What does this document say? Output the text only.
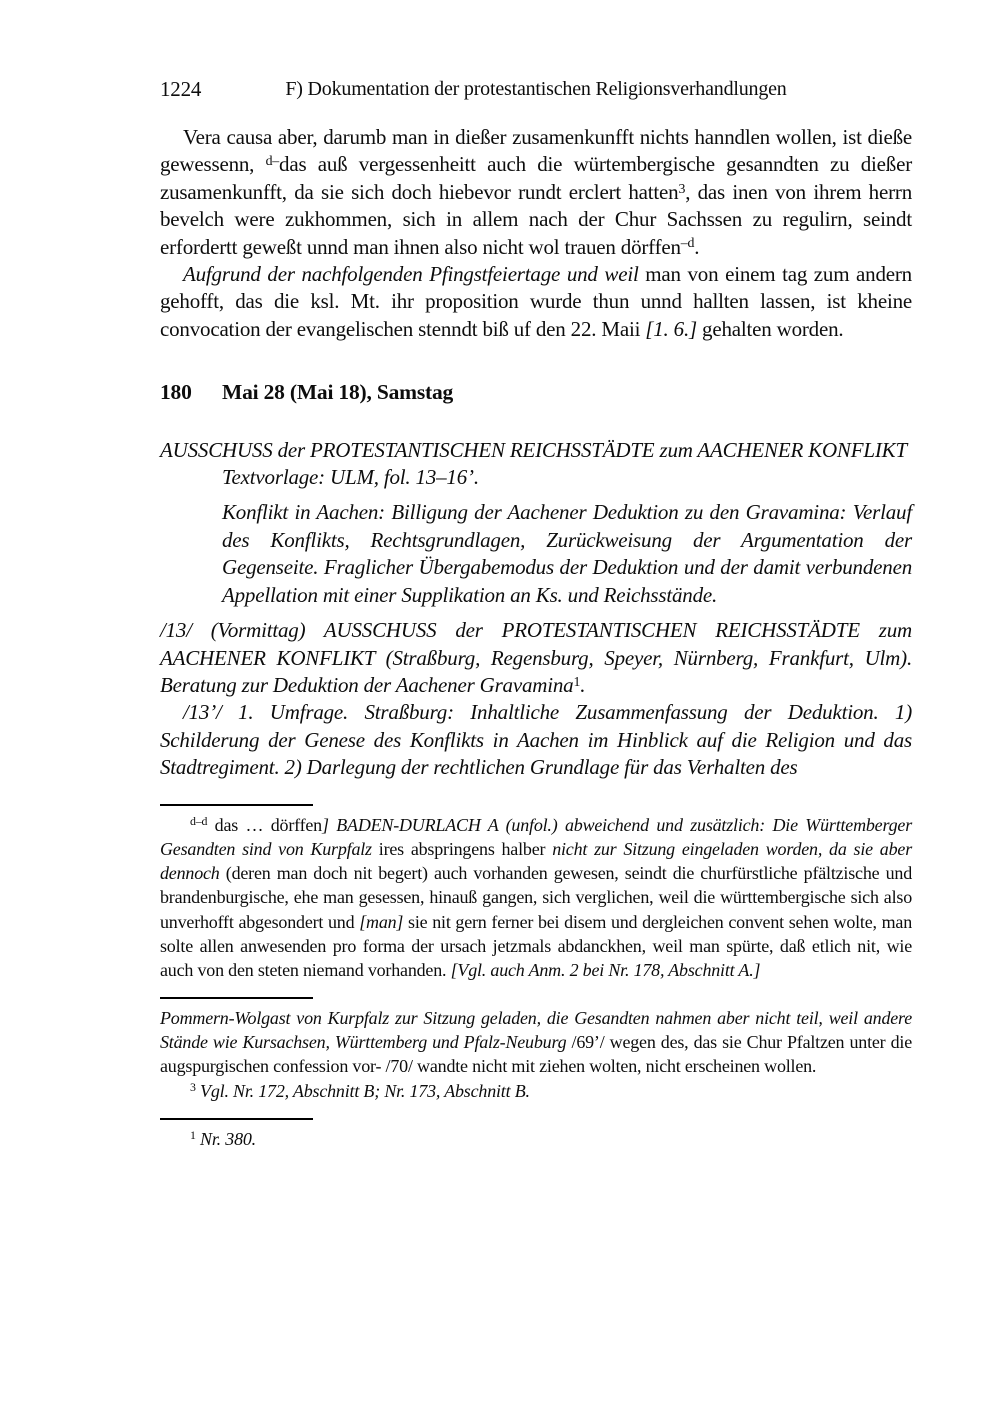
1224	F) Dokumentation der protestantischen Religionsverhandlungen

Vera causa aber, darumb man in dießer zusamenkunfft nichts hanndlen wollen, ist dieße gewessenn, $^{d-}$das auß vergessenheitt auch die würtembergische gesanndten zu dießer zusamenkunfft, da sie sich doch hiebevor rundt erclert hatten$^3$, das inen von ihrem herrn bevelch were zukhommen, sich in allem nach der Chur Sachssen zu regulirn, seindt erfordertt geweßt unnd man ihnen also nicht wol trauen dörffen$^{-d}$.

Aufgrund der nachfolgenden Pfingstfeiertage und weil man von einem tag zum andern gehofft, das die ksl. Mt. ihr proposition wurde thun unnd hallten lassen, ist kheine convocation der evangelischen stenndt biß uf den 22. Maii [1. 6.] gehalten worden.

180 Mai 28 (Mai 18), Samstag

AUSSCHUSS der PROTESTANTISCHEN REICHSSTÄDTE zum AACHENER KONFLIKT

Textvorlage: ULM, fol. 13–16’.

Konflikt in Aachen: Billigung der Aachener Deduktion zu den Gravamina: Verlauf des Konflikts, Rechtsgrundlagen, Zurückweisung der Argumentation der Gegenseite. Fraglicher Übergabemodus der Deduktion und der damit verbundenen Appellation mit einer Supplikation an Ks. und Reichsstände.

/13/ (Vormittag) AUSSCHUSS der PROTESTANTISCHEN REICHSSTÄDTE zum AACHENER KONFLIKT (Straßburg, Regensburg, Speyer, Nürnberg, Frankfurt, Ulm). Beratung zur Deduktion der Aachener Gravamina$^1$.

/13’/ 1. Umfrage. Straßburg: Inhaltliche Zusammenfassung der Deduktion. 1) Schilderung der Genese des Konflikts in Aachen im Hinblick auf die Religion und das Stadtregiment. 2) Darlegung der rechtlichen Grundlage für das Verhalten des

$^{d-d}$ das … dörffen] BADEN-DURLACH A (unfol.) abweichend und zusätzlich: Die Württemberger Gesandten sind von Kurpfalz ires abspringens halber nicht zur Sitzung eingeladen worden, da sie aber dennoch (deren man doch nit begert) auch vorhanden gewesen, seindt die churfürstliche pfältzische und brandenburgische, ehe man gesessen, hinauß gangen, sich verglichen, weil die württembergische sich also unverhofft abgesondert und [man] sie nit gern ferner bei disem und dergleichen convent sehen wolte, man solte allen anwesenden pro forma der ursach jetzmals abdanckhen, weil man spürte, daß etlich nit, wie auch von den steten niemand vorhanden. [Vgl. auch Anm. 2 bei Nr. 178, Abschnitt A.]

Pommern-Wolgast von Kurpfalz zur Sitzung geladen, die Gesandten nahmen aber nicht teil, weil andere Stände wie Kursachsen, Württemberg und Pfalz-Neuburg /69’/ wegen des, das sie Chur Pfaltzen unter die augspurgischen confession vor- /70/ wandte nicht mit ziehen wolten, nicht erscheinen wollen.

$^3$ Vgl. Nr. 172, Abschnitt B; Nr. 173, Abschnitt B.

$^1$ Nr. 380.
